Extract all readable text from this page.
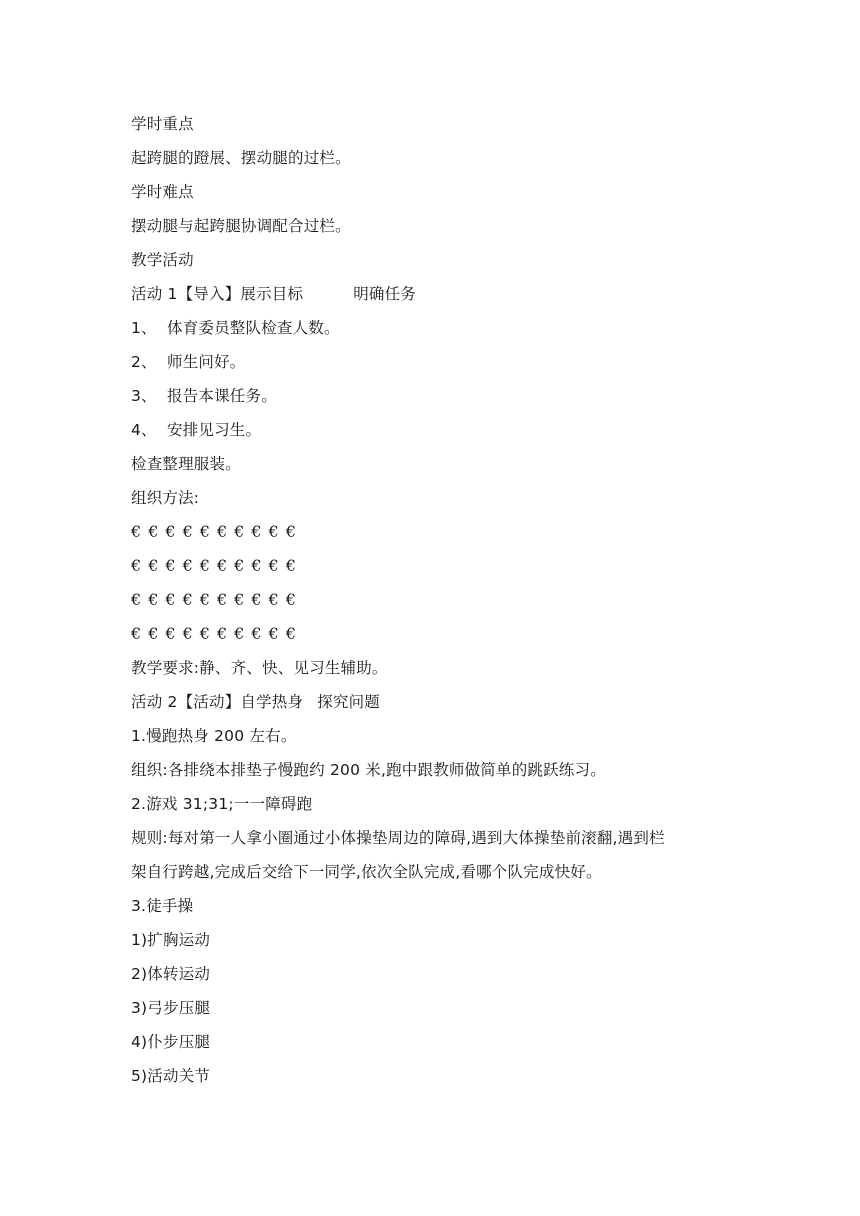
学时重点
起跨腿的蹬展、摆动腿的过栏。
学时难点
摆动腿与起跨腿协调配合过栏。
教学活动
活动 1【导入】展示目标	明确任务
1、 体育委员整队检查人数。
2、 师生问好。
3、 报告本课任务。
4、 安排见习生。
检查整理服装。
组织方法:
€ € € € € € € € € €
€ € € € € € € € € €
€ € € € € € € € € €
€ € € € € € € € € €
教学要求:静、齐、快、见习生辅助。
活动 2【活动】自学热身 探究问题
1.慢跑热身 200 左右。
组织:各排绕本排垫子慢跑约 200 米,跑中跟教师做简单的跳跃练习。
2.游戏 31;31;一一障碍跑
规则:每对第一人拿小圈通过小体操垫周边的障碍,遇到大体操垫前滚翻,遇到栏
架自行跨越,完成后交给下一同学,依次全队完成,看哪个队完成快好。
3.徒手操
1)扩胸运动
2)体转运动
3)弓步压腿
4)仆步压腿
5)活动关节
